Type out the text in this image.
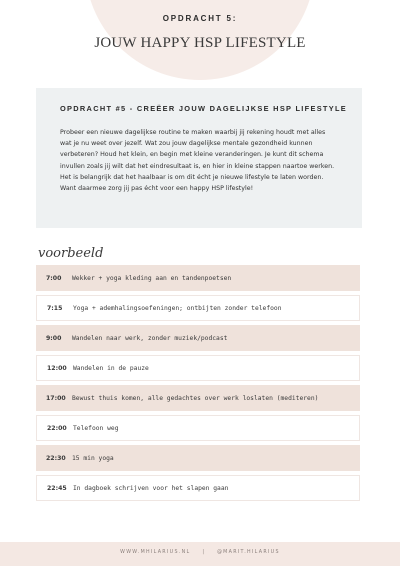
OPDRACHT 5:
JOUW HAPPY HSP LIFESTYLE
OPDRACHT #5 - CREËER JOUW DAGELIJKSE HSP LIFESTYLE
Probeer een nieuwe dagelijkse routine te maken waarbij jij rekening houdt met alles
wat je nu weet over jezelf. Wat zou jouw dagelijkse mentale gezondheid kunnen
verbeteren? Houd het klein, en begin met kleine veranderingen. Je kunt dit schema
invullen zoals jij wilt dat het eindresultaat is, en hier in kleine stappen naartoe werken.
Het is belangrijk dat het haalbaar is om dit écht je nieuwe lifestyle te laten worden.
Want daarmee zorg jij pas écht voor een happy HSP lifestyle!
voorbeeld
7:00	Wekker + yoga kleding aan en tandenpoetsen
7:15	Yoga + ademhalingsoefeningen; ontbijten zonder telefoon
9:00	Wandelen naar werk, zonder muziek/podcast
12:00 Wandelen in de pauze
17:00 Bewust thuis komen, alle gedachtes over werk loslaten (mediteren)
22:00 Telefoon weg
22:30 15 min yoga
22:45 In dagboek schrijven voor het slapen gaan
WWW.MHILARIUS.NL | @MARIT.HILARIUS
